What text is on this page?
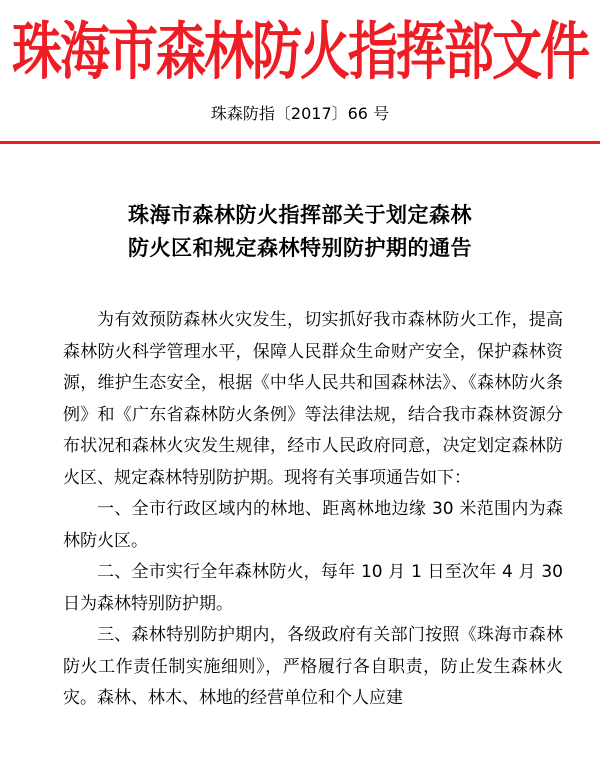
珠海市森林防火指挥部文件
珠森防指〔2017〕66 号
珠海市森林防火指挥部关于划定森林
防火区和规定森林特别防护期的通告

为有效预防森林火灾发生，切实抓好我市森林防火工作，提高森林防火科学管理水平，保障人民群众生命财产安全，保护森林资源，维护生态安全，根据《中华人民共和国森林法》、《森林防火条例》和《广东省森林防火条例》等法律法规，结合我市森林资源分布状况和森林火灾发生规律，经市人民政府同意，决定划定森林防火区、规定森林特别防护期。现将有关事项通告如下：

一、全市行政区域内的林地、距离林地边缘 30 米范围内为森林防火区。

二、全市实行全年森林防火，每年 10 月 1 日至次年 4 月 30 日为森林特别防护期。

三、森林特别防护期内，各级政府有关部门按照《珠海市森林防火工作责任制实施细则》，严格履行各自职责，防止发生森林火灾。森林、林木、林地的经营单位和个人应建
